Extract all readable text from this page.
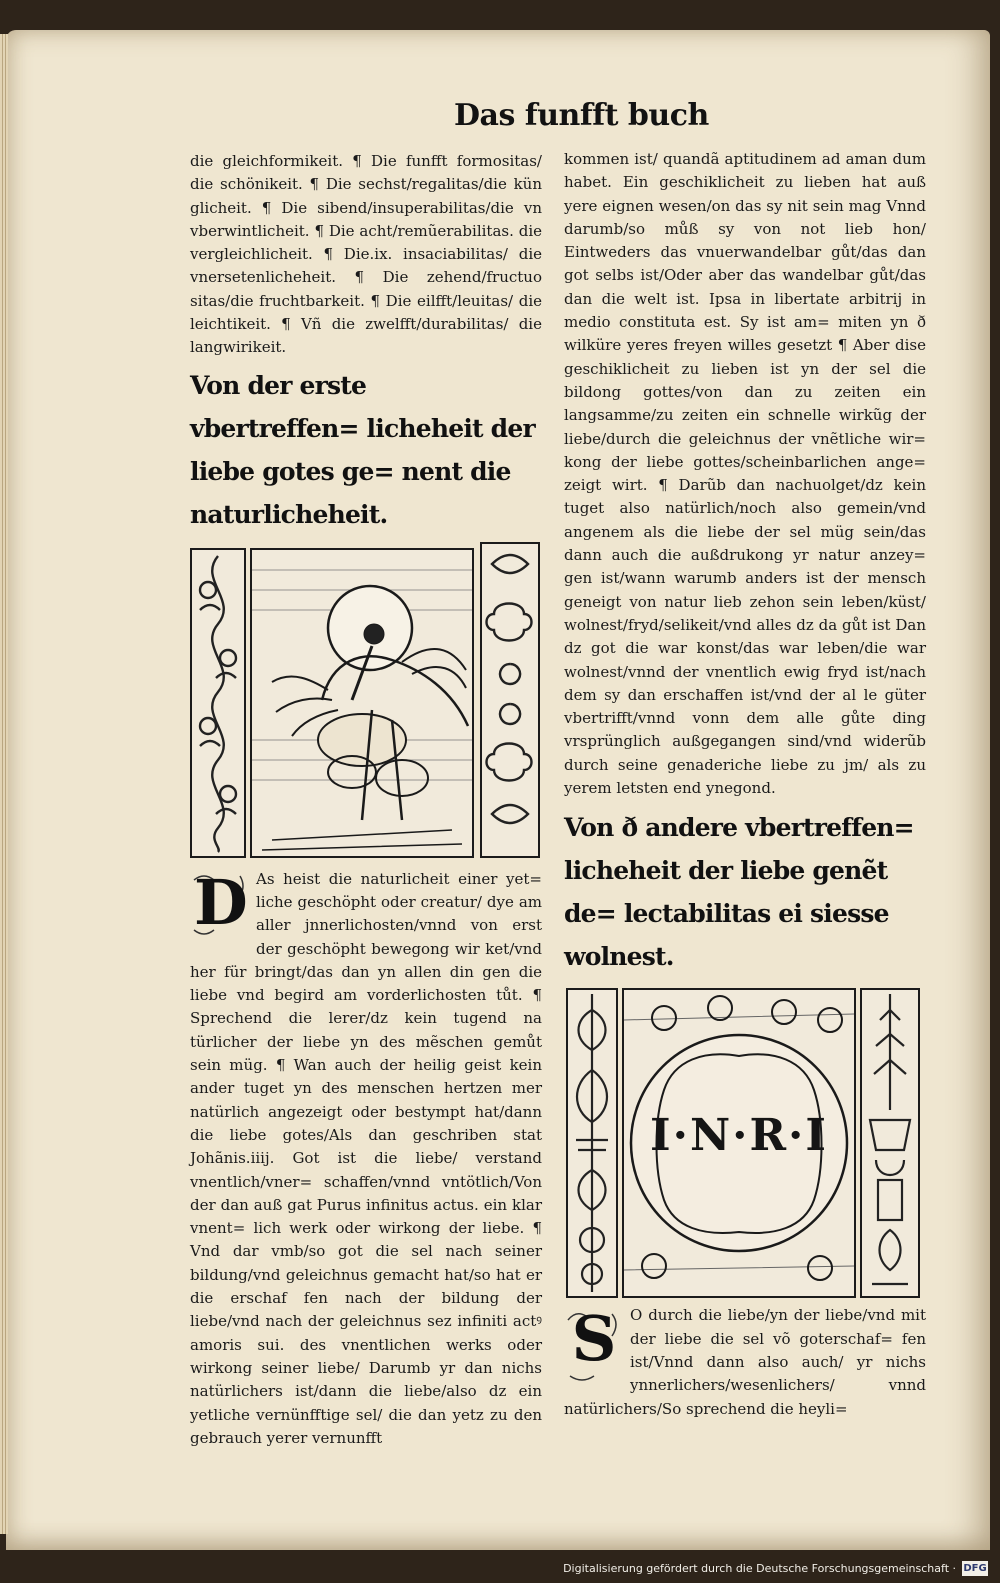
Das funfft buch

die gleichformikeit. ¶ Die funfft formositas/ die schönikeit. ¶ Die sechst/regalitas/die kün glicheit. ¶ Die sibend/insuperabilitas/die vn vberwintlicheit. ¶ Die acht/remũerabilitas. die vergleichlicheit. ¶ Die.ix. insaciabilitas/ die vnersetenlicheheit. ¶ Die zehend/fructuo sitas/die fruchtbarkeit. ¶ Die eilfft/leuitas/ die leichtikeit. ¶ Vñ die zwelfft/durabilitas/ die langwirikeit.

Von der erste vbertreffen= licheheit der liebe gotes ge= nent die naturlicheheit.

D As heist die naturlicheit einer yet= liche geschöpht oder creatur/ dye am aller jnnerlichosten/vnnd von erst der geschöpht bewegong wir ket/vnd her für bringt/das dan yn allen din gen die liebe vnd begird am vorderlichosten tůt. ¶ Sprechend die lerer/dz kein tugend na türlicher der liebe yn des mẽschen gemůt sein müg. ¶ Wan auch der heilig geist kein ander tuget yn des menschen hertzen mer natürlich angezeigt oder bestympt hat/dann die liebe gotes/Als dan geschriben stat Johãnis.iiij. Got ist die liebe/ verstand vnentlich/vner= schaffen/vnnd vntötlich/Von der dan auß gat Purus infinitus actus. ein klar vnent= lich werk oder wirkong der liebe. ¶ Vnd dar vmb/so got die sel nach seiner bildung/vnd geleichnus gemacht hat/so hat er die erschaf fen nach der bildung der liebe/vnd nach der geleichnus sez infiniti actꝰ amoris sui. des vnentlichen werks oder wirkong seiner liebe/ Darumb yr dan nichs natürlichers ist/dann die liebe/also dz ein yetliche vernünfftige sel/ die dan yetz zu den gebrauch yerer vernunfft

kommen ist/ quandã aptitudinem ad aman dum habet. Ein geschiklicheit zu lieben hat auß yere eignen wesen/on das sy nit sein mag Vnnd darumb/so můß sy von not lieb hon/ Eintweders das vnuerwandelbar gůt/das dan got selbs ist/Oder aber das wandelbar gůt/das dan die welt ist. Ipsa in libertate arbitrij in medio constituta est. Sy ist am= miten yn ð wilküre yeres freyen willes gesetzt ¶ Aber dise geschiklicheit zu lieben ist yn der sel die bildong gottes/von dan zu zeiten ein langsamme/zu zeiten ein schnelle wirkũg der liebe/durch die geleichnus der vnẽtliche wir= kong der liebe gottes/scheinbarlichen ange= zeigt wirt. ¶ Darũb dan nachuolget/dz kein tuget also natürlich/noch also gemein/vnd angenem als die liebe der sel müg sein/das dann auch die außdrukong yr natur anzey= gen ist/wann warumb anders ist der mensch geneigt von natur lieb zehon sein leben/küst/ wolnest/fryd/selikeit/vnd alles dz da gůt ist Dan dz got die war konst/das war leben/die war wolnest/vnnd der vnentlich ewig fryd ist/nach dem sy dan erschaffen ist/vnd der al le güter vbertrifft/vnnd vonn dem alle gůte ding vrsprünglich außgegangen sind/vnd widerũb durch seine genaderiche liebe zu jm/ als zu yerem letsten end ynegond.

Von ð andere vbertreffen= licheheit der liebe genẽt de= lectabilitas ei siesse wolnest.

I·N·R·I
S O durch die liebe/yn der liebe/vnd mit der liebe die sel võ goterschaf= fen ist/Vnnd dann also auch/ yr nichs ynnerlichers/wesenlichers/ vnnd natürlichers/So sprechend die heyli=

Digitalisierung gefördert durch die Deutsche Forschungsgemeinschaft · DFG
